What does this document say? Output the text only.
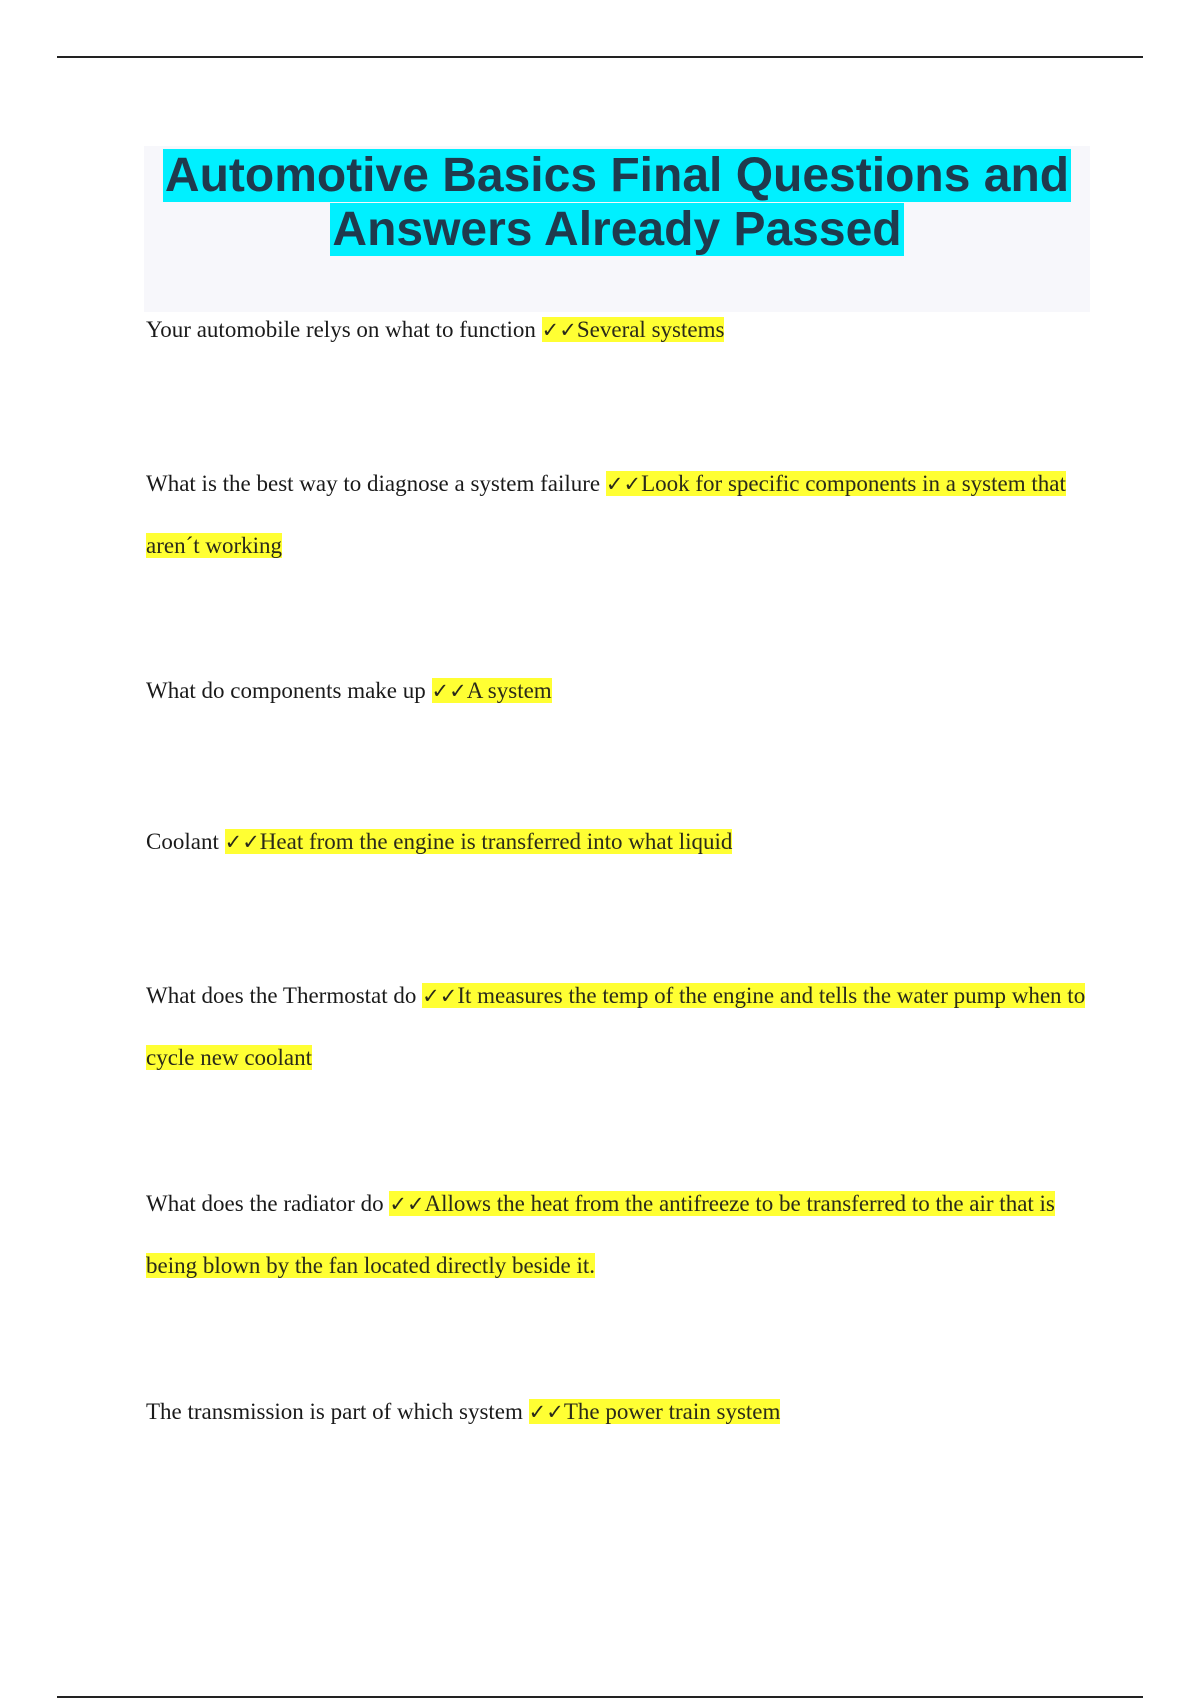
Automotive Basics Final Questions and
Answers Already Passed

Your automobile relys on what to function ✓✓Several systems

What is the best way to diagnose a system failure ✓✓Look for specific components in a system that aren´t working

What do components make up ✓✓A system

Coolant ✓✓Heat from the engine is transferred into what liquid

What does the Thermostat do ✓✓It measures the temp of the engine and tells the water pump when to cycle new coolant

What does the radiator do ✓✓Allows the heat from the antifreeze to be transferred to the air that is being blown by the fan located directly beside it.

The transmission is part of which system ✓✓The power train system
